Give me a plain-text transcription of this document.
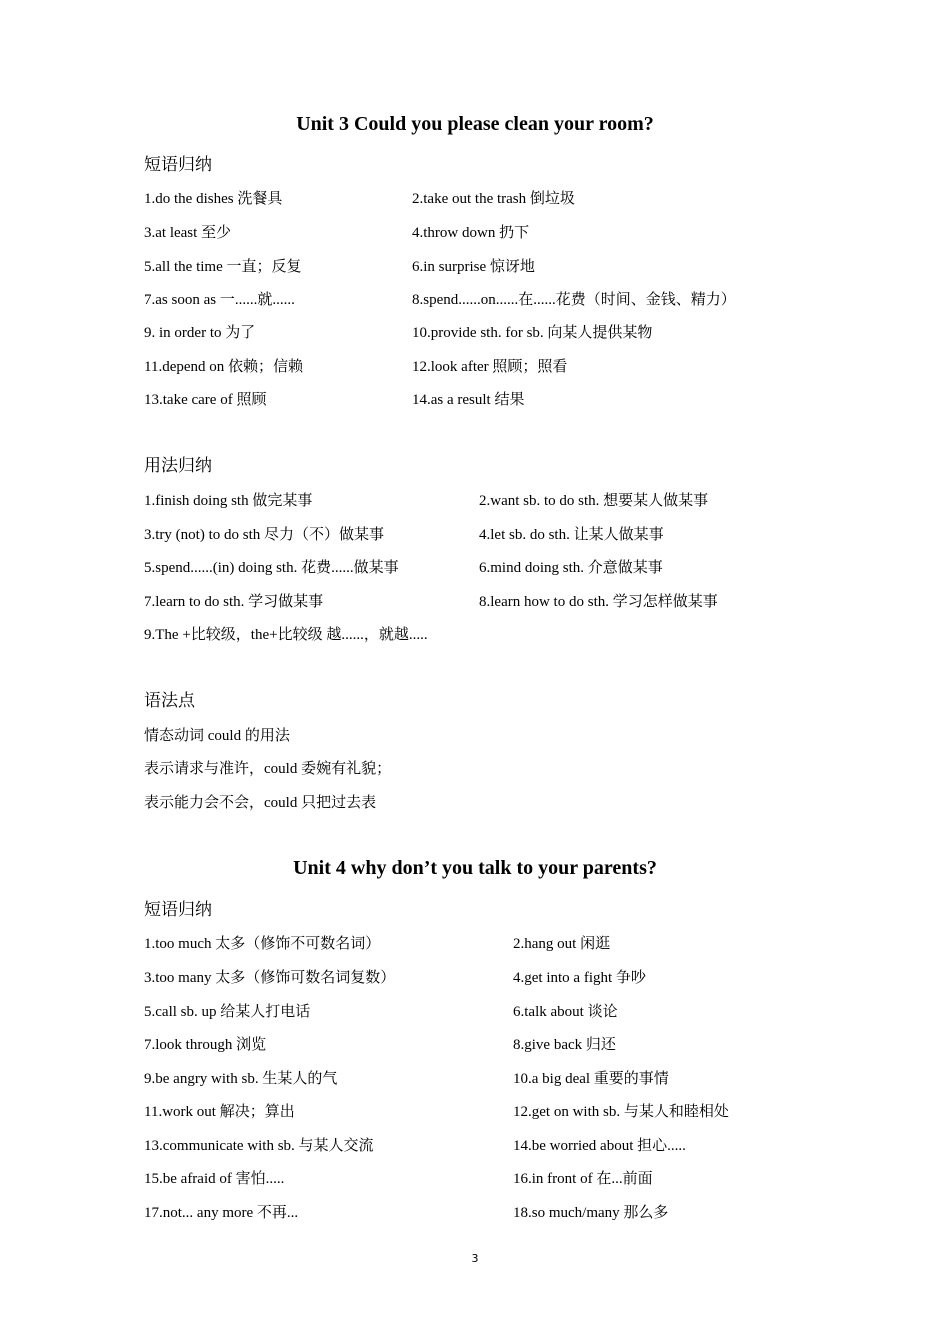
Unit 3 Could you please clean your room?
短语归纳
1.do the dishes 洗餐具	2.take out the trash 倒垃圾
3.at least 至少	4.throw down 扔下
5.all the time 一直；反复	6.in surprise 惊讶地
7.as soon as 一......就......	8.spend......on......在......花费（时间、金钱、精力）
9. in order to 为了	10.provide sth. for sb. 向某人提供某物
11.depend on 依赖；信赖	12.look after 照顾；照看
13.take care of 照顾	14.as a result 结果
用法归纳
1.finish doing sth 做完某事	2.want sb. to do sth. 想要某人做某事
3.try (not) to do sth 尽力（不）做某事	4.let sb. do sth. 让某人做某事
5.spend......(in) doing sth. 花费......做某事	6.mind doing sth. 介意做某事
7.learn to do sth. 学习做某事	8.learn how to do sth. 学习怎样做某事
9.The +比较级，the+比较级 越......，就越.....
语法点
情态动词 could 的用法
表示请求与准许，could 委婉有礼貌；
表示能力会不会，could 只把过去表
Unit 4 why don’t you talk to your parents?
短语归纳
1.too much 太多（修饰不可数名词）	2.hang out 闲逛
3.too many 太多（修饰可数名词复数）	4.get into a fight 争吵
5.call sb. up 给某人打电话	6.talk about 谈论
7.look through 浏览	8.give back 归还
9.be angry with sb. 生某人的气	10.a big deal 重要的事情
11.work out 解决；算出	12.get on with sb. 与某人和睦相处
13.communicate with sb. 与某人交流	14.be worried about 担心.....
15.be afraid of 害怕.....	16.in front of 在...前面
17.not... any more 不再...	18.so much/many 那么多
3
